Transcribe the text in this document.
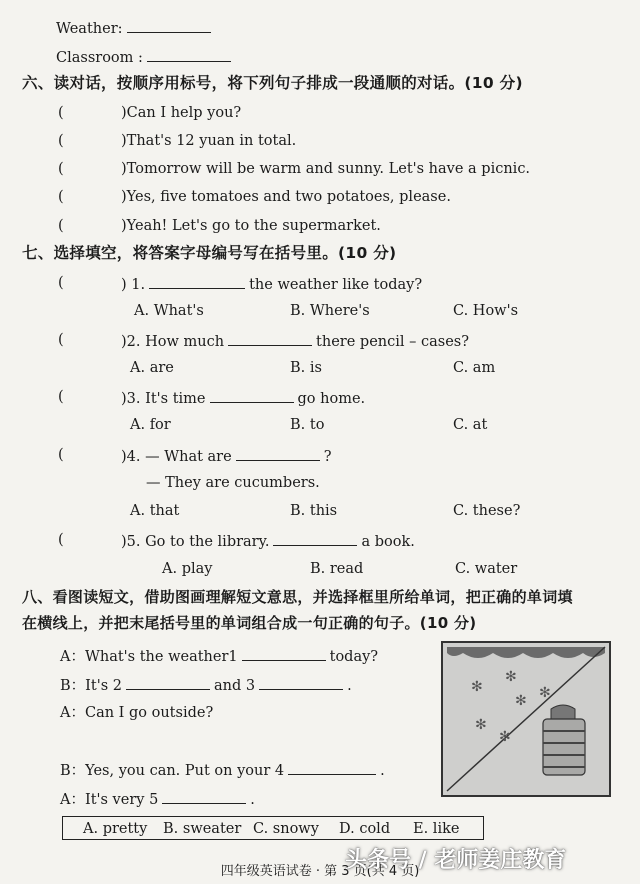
Weather:
Classroom :
六、读对话，按顺序用标号，将下列句子排成一段通顺的对话。(10 分)
(	)Can I help you?
(	)That's 12 yuan in total.
(	)Tomorrow will be warm and sunny. Let's have a picnic.
(	)Yes, five tomatoes and two potatoes, please.
(	)Yeah! Let's go to the supermarket.
七、选择填空，将答案字母编号写在括号里。(10 分)
(	) 1.	the weather like today?
A. What's	B. Where's	C. How's
(	)2. How much	there pencil – cases?
A. are	B. is	C. am
(	)3. It's time	go home.
A. for	B. to	C. at
(	)4. — What are	?
— They are cucumbers.
A. that	B. this	C. these?
(	)5. Go to the library.	a book.
A. play	B. read	C. water
八、看图读短文，借助图画理解短文意思，并选择框里所给单词，把正确的单词填
在横线上，并把末尾括号里的单词组合成一句正确的句子。(10 分)
A：What's the weather1	today?
B：It's 2	and 3	.
A：Can I go outside?
B：Yes, you can. Put on your 4	.
A：It's very 5	.
A. pretty B. sweater C. snowy D. cold E. like
✻
✻
✻
✻ ✻
✻
四年级英语试卷 · 第 3 页(共 4 页)
头条号 / 老师姜庄教育
